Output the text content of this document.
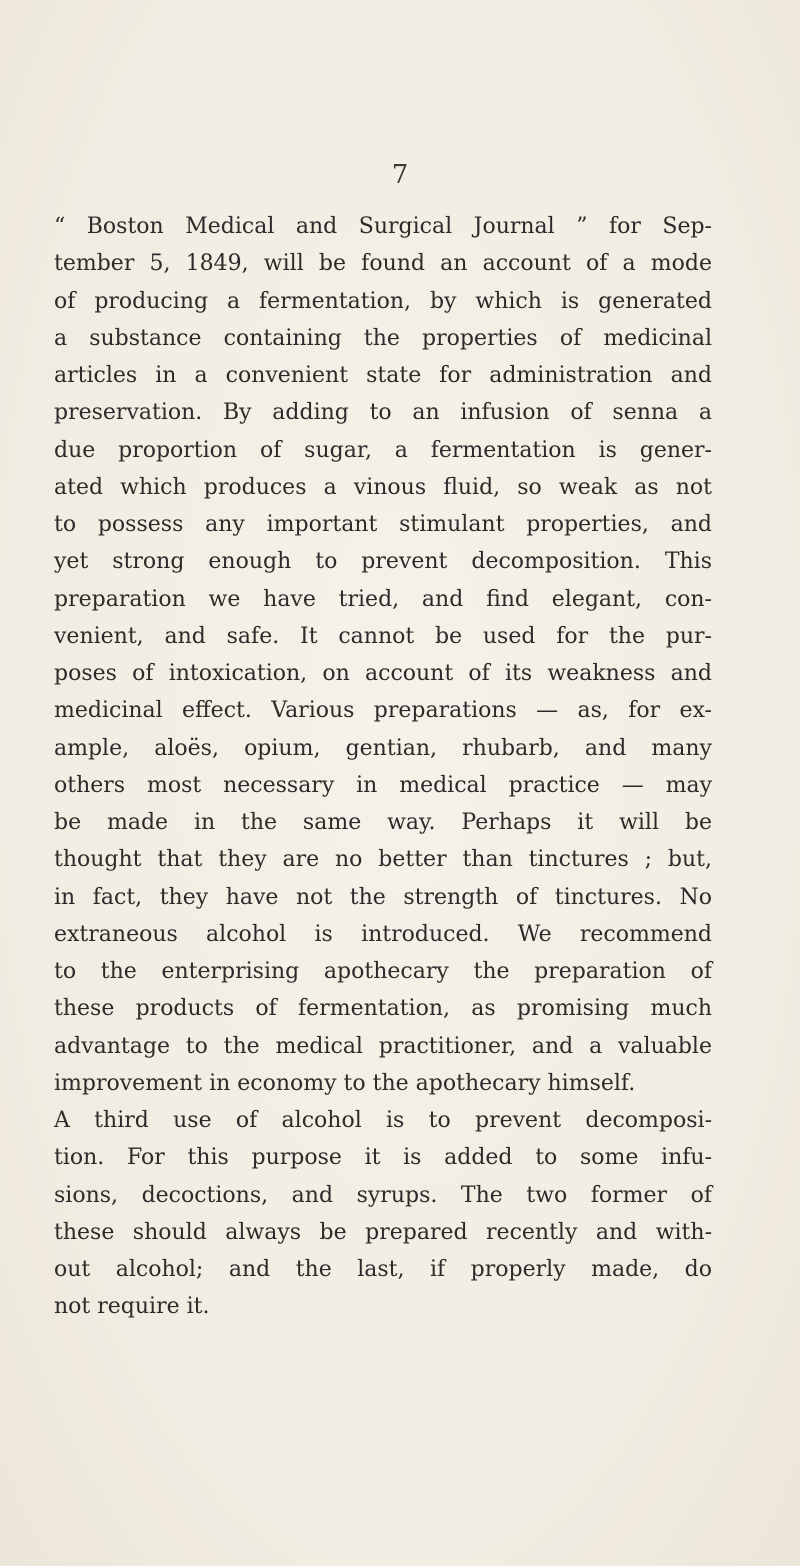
7
“ Boston Medical and Surgical Journal ” for Sep-
tember 5, 1849, will be found an account of a mode
of producing a fermentation, by which is generated
a substance containing the properties of medicinal
articles in a convenient state for administration and
preservation. By adding to an infusion of senna a
due proportion of sugar, a fermentation is gener-
ated which produces a vinous fluid, so weak as not
to possess any important stimulant properties, and
yet strong enough to prevent decomposition. This
preparation we have tried, and find elegant, con-
venient, and safe. It cannot be used for the pur-
poses of intoxication, on account of its weakness and
medicinal effect. Various preparations — as, for ex-
ample, aloës, opium, gentian, rhubarb, and many
others most necessary in medical practice — may
be made in the same way. Perhaps it will be
thought that they are no better than tinctures ; but,
in fact, they have not the strength of tinctures. No
extraneous alcohol is introduced. We recommend
to the enterprising apothecary the preparation of
these products of fermentation, as promising much
advantage to the medical practitioner, and a valuable
improvement in economy to the apothecary himself.
A third use of alcohol is to prevent decomposi-
tion. For this purpose it is added to some infu-
sions, decoctions, and syrups. The two former of
these should always be prepared recently and with-
out alcohol; and the last, if properly made, do
not require it.
